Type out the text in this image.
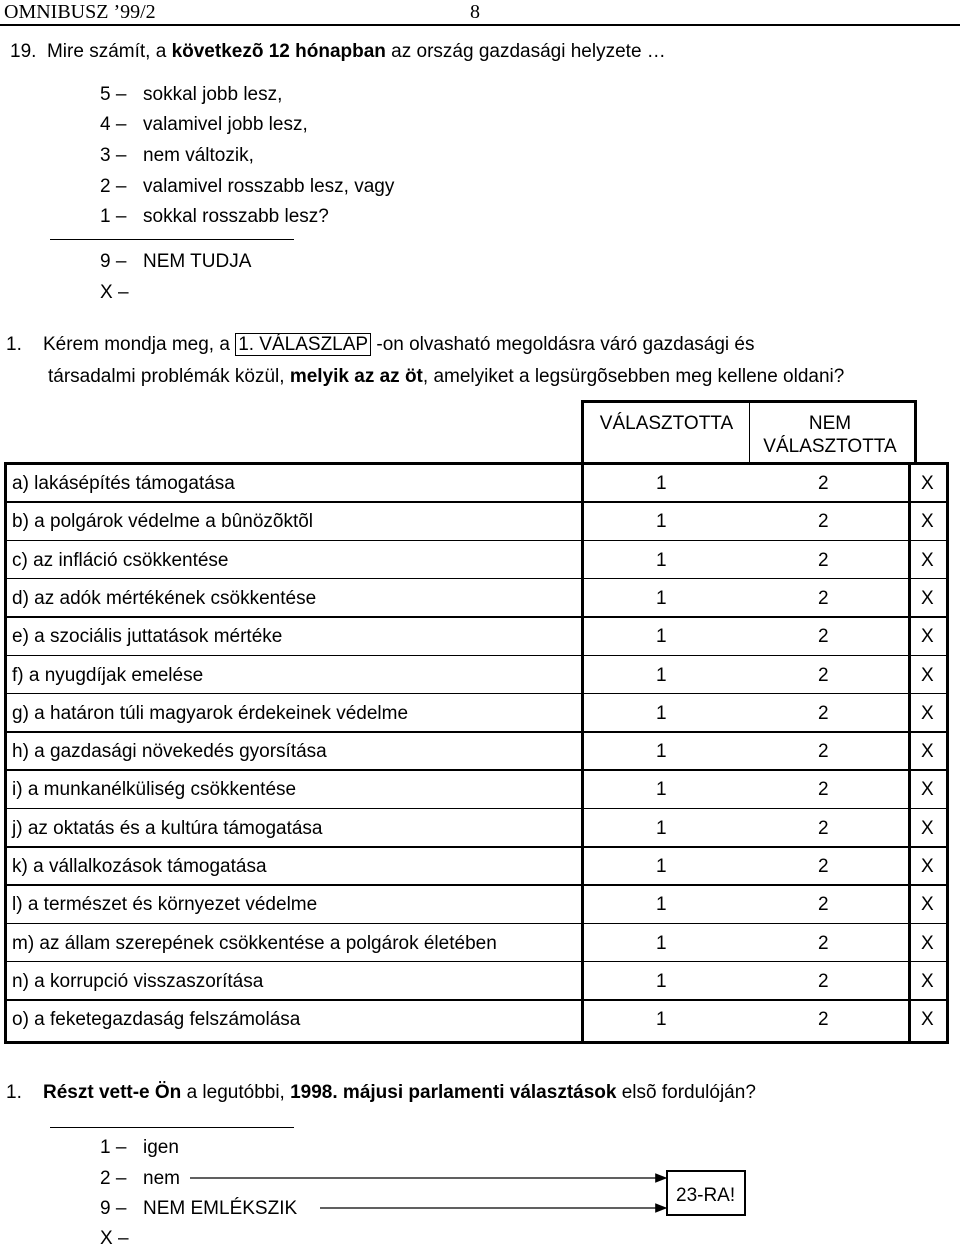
OMNIBUSZ ’99/2	8
19. Mire számít, a következõ 12 hónapban az ország gazdasági helyzete …
5 – sokkal jobb lesz,
4 – valamivel jobb lesz,
3 – nem változik,
2 – valamivel rosszabb lesz, vagy
1 – sokkal rosszabb lesz?
9 – NEM TUDJA
X –
1. Kérem mondja meg, a 1. VÁLASZLAP -on olvasható megoldásra váró gazdasági és
társadalmi problémák közül, melyik az az öt, amelyiket a legsürgõsebben meg kellene oldani?
VÁLASZTOTTA	NEM
VÁLASZTOTTA
a) lakásépítés támogatása	1	2	X
b) a polgárok védelme a bûnözõktõl	1	2	X
c) az infláció csökkentése	1	2	X
d) az adók mértékének csökkentése	1	2	X
e) a szociális juttatások mértéke	1	2	X
f) a nyugdíjak emelése	1	2	X
g) a határon túli magyarok érdekeinek védelme	1	2	X
h) a gazdasági növekedés gyorsítása	1	2	X
i) a munkanélküliség csökkentése	1	2	X
j) az oktatás és a kultúra támogatása	1	2	X
k) a vállalkozások támogatása	1	2	X
l) a természet és környezet védelme	1	2	X
m) az állam szerepének csökkentése a polgárok életében	1	2	X
n) a korrupció visszaszorítása	1	2	X
o) a feketegazdaság felszámolása	1	2	X
1. Részt vett-e Ön a legutóbbi, 1998. májusi parlamenti választások elsõ fordulóján?
1 – igen
2 – nem
9 – NEM EMLÉKSZIK
X –
23-RA!
